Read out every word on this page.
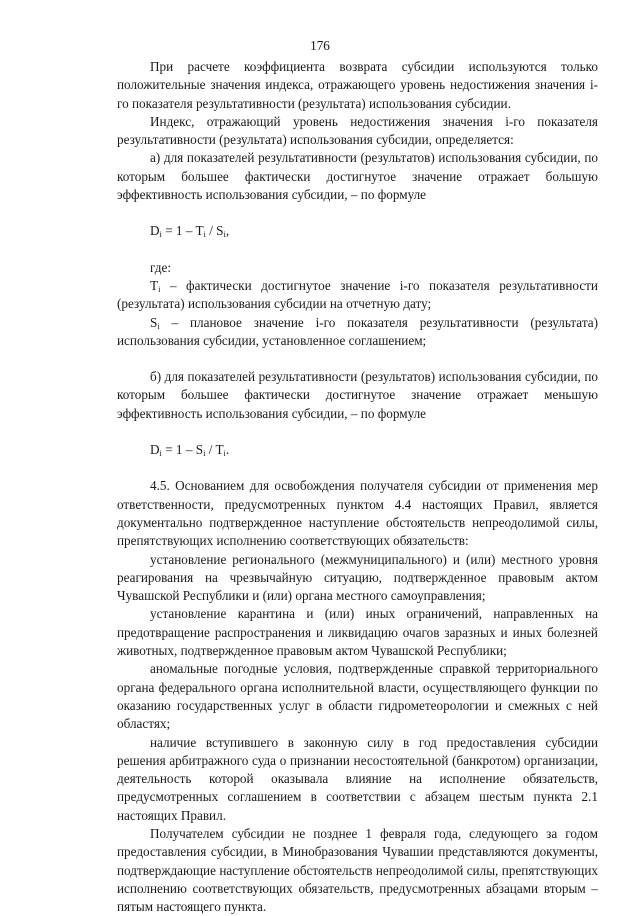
176

При расчете коэффициента возврата субсидии используются только положительные значения индекса, отражающего уровень недостижения значения i-го показателя результативности (результата) использования субсидии.

Индекс, отражающий уровень недостижения значения i-го показателя результативности (результата) использования субсидии, определяется:

а) для показателей результативности (результатов) использования субсидии, по которым большее фактически достигнутое значение отражает большую эффективность использования субсидии, – по формуле

$D_i = 1 - T_i / S_i$,

где:

$T_i$ – фактически достигнутое значение i-го показателя результативности (результата) использования субсидии на отчетную дату;

$S_i$ – плановое значение i-го показателя результативности (результата) использования субсидии, установленное соглашением;

б) для показателей результативности (результатов) использования субсидии, по которым большее фактически достигнутое значение отражает меньшую эффективность использования субсидии, – по формуле

$D_i = 1 - S_i / T_i$.

4.5. Основанием для освобождения получателя субсидии от применения мер ответственности, предусмотренных пунктом 4.4 настоящих Правил, является документально подтвержденное наступление обстоятельств непреодолимой силы, препятствующих исполнению соответствующих обязательств:

установление регионального (межмуниципального) и (или) местного уровня реагирования на чрезвычайную ситуацию, подтвержденное правовым актом Чувашской Республики и (или) органа местного самоуправления;

установление карантина и (или) иных ограничений, направленных на предотвращение распространения и ликвидацию очагов заразных и иных болезней животных, подтвержденное правовым актом Чувашской Республики;

аномальные погодные условия, подтвержденные справкой территориального органа федерального органа исполнительной власти, осуществляющего функции по оказанию государственных услуг в области гидрометеорологии и смежных с ней областях;

наличие вступившего в законную силу в год предоставления субсидии решения арбитражного суда о признании несостоятельной (банкротом) организации, деятельность которой оказывала влияние на исполнение обязательств, предусмотренных соглашением в соответствии с абзацем шестым пункта 2.1 настоящих Правил.

Получателем субсидии не позднее 1 февраля года, следующего за годом предоставления субсидии, в Минобразования Чувашии представляются документы, подтверждающие наступление обстоятельств непреодолимой силы, препятствующих исполнению соответствующих обязательств, предусмотренных абзацами вторым – пятым настоящего пункта.
